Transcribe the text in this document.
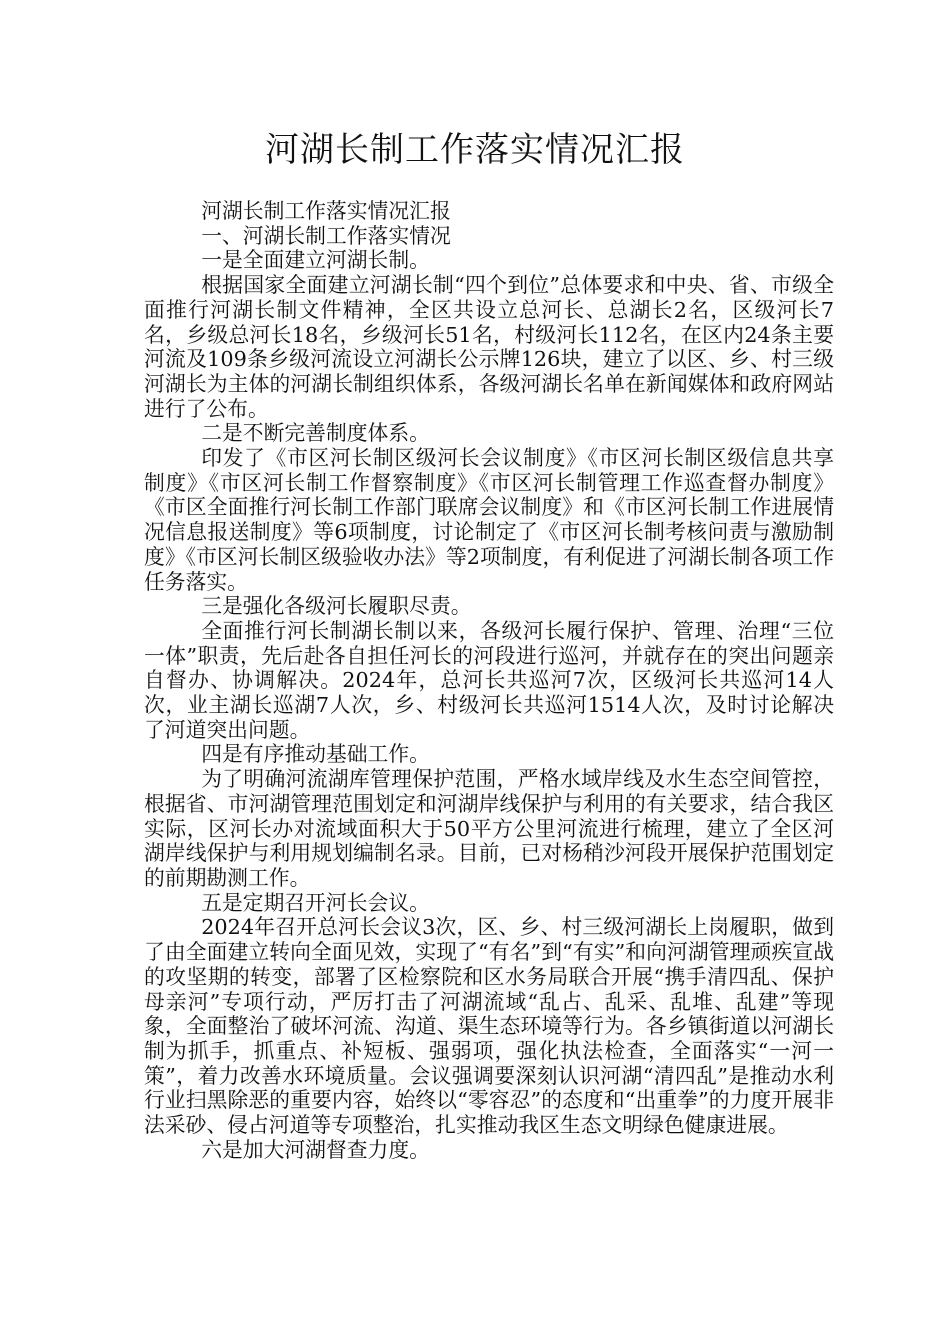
河湖长制工作落实情况汇报

河湖长制工作落实情况汇报

一、河湖长制工作落实情况

一是全面建立河湖长制。

根据国家全面建立河湖长制“四个到位”总体要求和中央、省、市级全面推行河湖长制文件精神，全区共设立总河长、总湖长2名，区级河长7名，乡级总河长18名，乡级河长51名，村级河长112名，在区内24条主要河流及109条乡级河流设立河湖长公示牌126块，建立了以区、乡、村三级河湖长为主体的河湖长制组织体系，各级河湖长名单在新闻媒体和政府网站进行了公布。

二是不断完善制度体系。

印发了《市区河长制区级河长会议制度》《市区河长制区级信息共享制度》《市区河长制工作督察制度》《市区河长制管理工作巡查督办制度》《市区全面推行河长制工作部门联席会议制度》和《市区河长制工作进展情况信息报送制度》等6项制度，讨论制定了《市区河长制考核问责与激励制度》《市区河长制区级验收办法》等2项制度，有利促进了河湖长制各项工作任务落实。

三是强化各级河长履职尽责。

全面推行河长制湖长制以来，各级河长履行保护、管理、治理“三位一体”职责，先后赴各自担任河长的河段进行巡河，并就存在的突出问题亲自督办、协调解决。2024年，总河长共巡河7次，区级河长共巡河14人次，业主湖长巡湖7人次，乡、村级河长共巡河1514人次，及时讨论解决了河道突出问题。

四是有序推动基础工作。

为了明确河流湖库管理保护范围，严格水域岸线及水生态空间管控，根据省、市河湖管理范围划定和河湖岸线保护与利用的有关要求，结合我区实际，区河长办对流域面积大于50平方公里河流进行梳理，建立了全区河湖岸线保护与利用规划编制名录。目前，已对杨稍沙河段开展保护范围划定的前期勘测工作。

五是定期召开河长会议。

2024年召开总河长会议3次，区、乡、村三级河湖长上岗履职，做到了由全面建立转向全面见效，实现了“有名”到“有实”和向河湖管理顽疾宣战的攻坚期的转变，部署了区检察院和区水务局联合开展“携手清四乱、保护母亲河”专项行动，严厉打击了河湖流域“乱占、乱采、乱堆、乱建”等现象，全面整治了破坏河流、沟道、渠生态环境等行为。各乡镇街道以河湖长制为抓手，抓重点、补短板、强弱项，强化执法检查，全面落实“一河一策”，着力改善水环境质量。会议强调要深刻认识河湖“清四乱”是推动水利行业扫黑除恶的重要内容，始终以“零容忍”的态度和“出重拳”的力度开展非法采砂、侵占河道等专项整治，扎实推动我区生态文明绿色健康进展。

六是加大河湖督查力度。
